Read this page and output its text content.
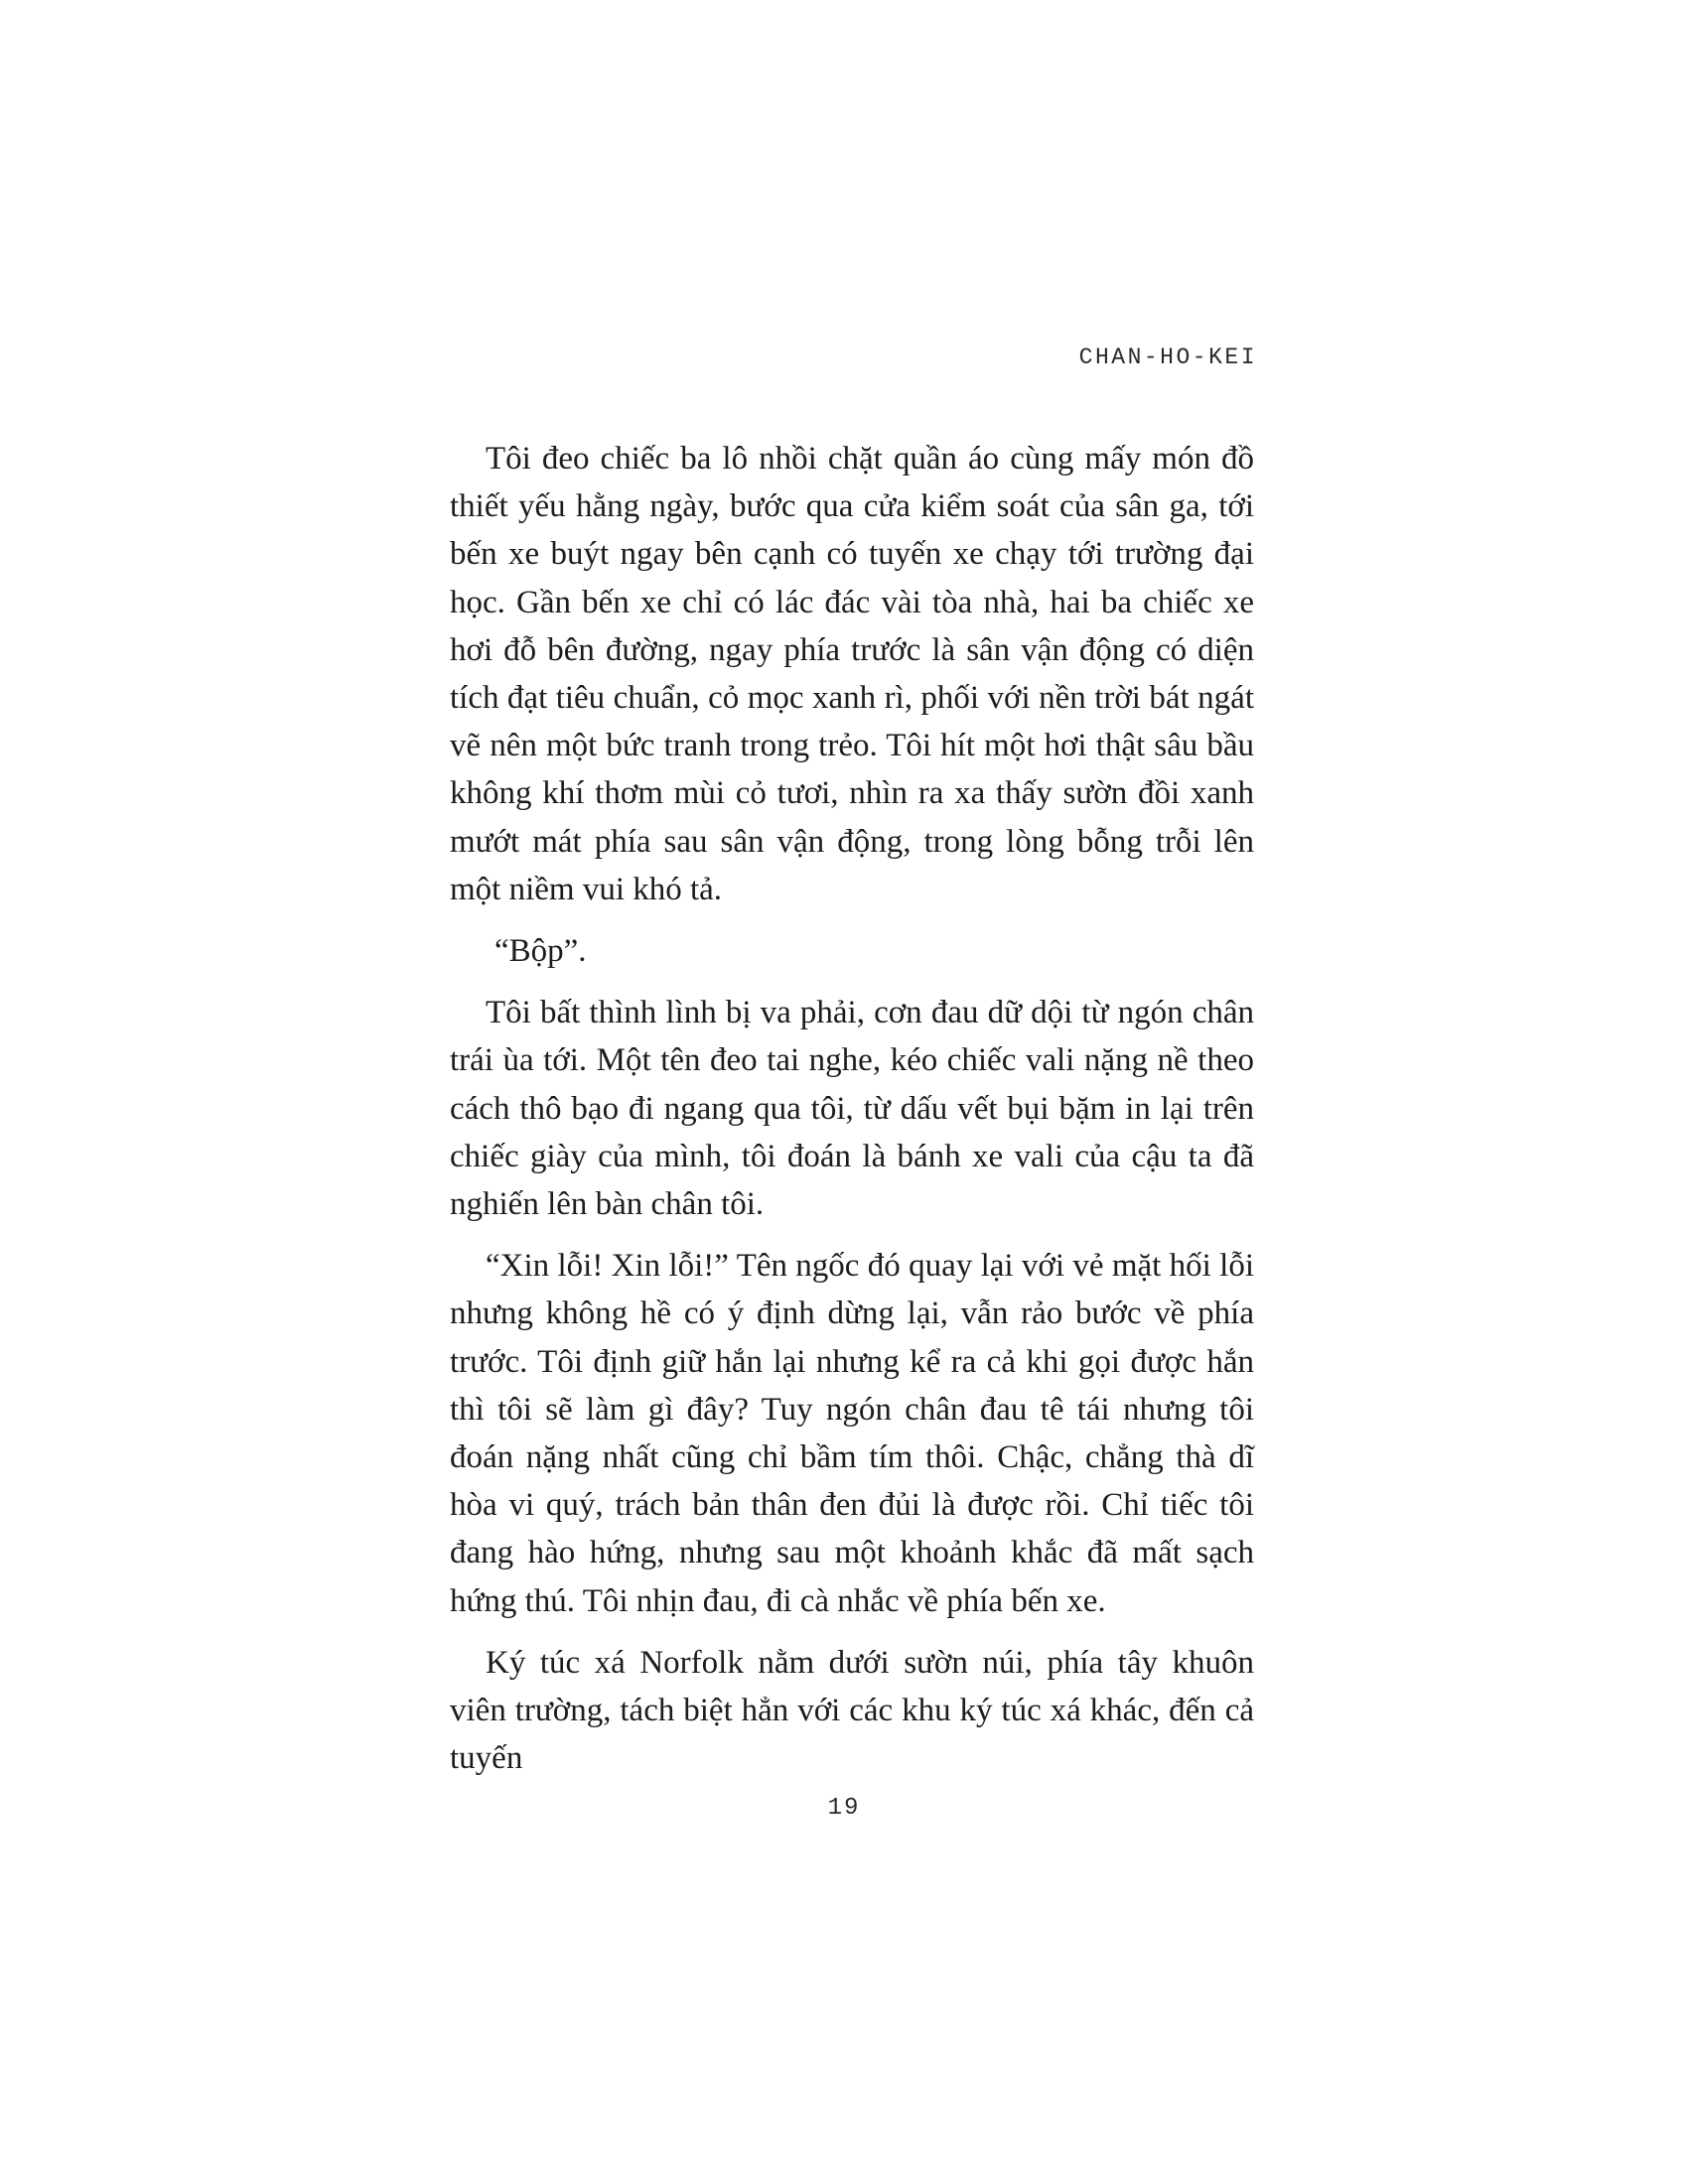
CHAN-HO-KEI

Tôi đeo chiếc ba lô nhồi chặt quần áo cùng mấy món đồ thiết yếu hằng ngày, bước qua cửa kiểm soát của sân ga, tới bến xe buýt ngay bên cạnh có tuyến xe chạy tới trường đại học. Gần bến xe chỉ có lác đác vài tòa nhà, hai ba chiếc xe hơi đỗ bên đường, ngay phía trước là sân vận động có diện tích đạt tiêu chuẩn, cỏ mọc xanh rì, phối với nền trời bát ngát vẽ nên một bức tranh trong trẻo. Tôi hít một hơi thật sâu bầu không khí thơm mùi cỏ tươi, nhìn ra xa thấy sườn đồi xanh mướt mát phía sau sân vận động, trong lòng bỗng trỗi lên một niềm vui khó tả.

“Bộp”.

Tôi bất thình lình bị va phải, cơn đau dữ dội từ ngón chân trái ùa tới. Một tên đeo tai nghe, kéo chiếc vali nặng nề theo cách thô bạo đi ngang qua tôi, từ dấu vết bụi bặm in lại trên chiếc giày của mình, tôi đoán là bánh xe vali của cậu ta đã nghiến lên bàn chân tôi.

“Xin lỗi! Xin lỗi!” Tên ngốc đó quay lại với vẻ mặt hối lỗi nhưng không hề có ý định dừng lại, vẫn rảo bước về phía trước. Tôi định giữ hắn lại nhưng kể ra cả khi gọi được hắn thì tôi sẽ làm gì đây? Tuy ngón chân đau tê tái nhưng tôi đoán nặng nhất cũng chỉ bầm tím thôi. Chậc, chẳng thà dĩ hòa vi quý, trách bản thân đen đủi là được rồi. Chỉ tiếc tôi đang hào hứng, nhưng sau một khoảnh khắc đã mất sạch hứng thú. Tôi nhịn đau, đi cà nhắc về phía bến xe.

Ký túc xá Norfolk nằm dưới sườn núi, phía tây khuôn viên trường, tách biệt hẳn với các khu ký túc xá khác, đến cả tuyến

19
